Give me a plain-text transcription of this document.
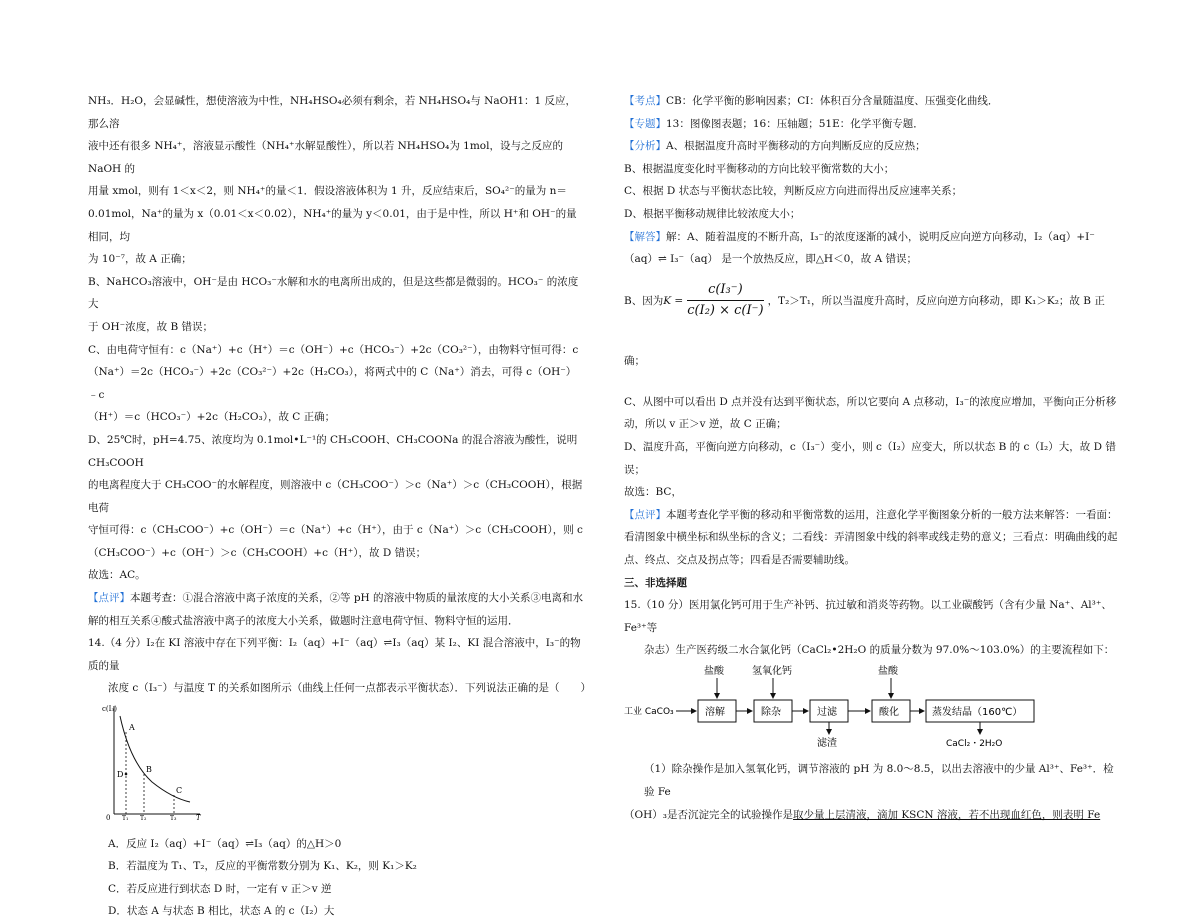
NH₃．H₂O，会显碱性，想使溶液为中性，NH₄HSO₄必须有剩余，若 NH₄HSO₄与 NaOH1：1 反应，那么溶

液中还有很多 NH₄⁺，溶液显示酸性（NH₄⁺水解显酸性），所以若 NH₄HSO₄为 1mol，设与之反应的 NaOH 的

用量 xmol，则有 1＜x＜2，则 NH₄⁺的量＜1．假设溶液体积为 1 升，反应结束后，SO₄²⁻的量为 n＝

0.01mol，Na⁺的量为 x（0.01＜x＜0.02），NH₄⁺的量为 y＜0.01，由于是中性，所以 H⁺和 OH⁻的量相同，均

为 10⁻⁷，故 A 正确；

B、NaHCO₃溶液中，OH⁻是由 HCO₃⁻水解和水的电离所出成的，但是这些都是微弱的。HCO₃⁻ 的浓度大

于 OH⁻浓度，故 B 错误；

C、由电荷守恒有：c（Na⁺）+c（H⁺）＝c（OH⁻）+c（HCO₃⁻）+2c（CO₃²⁻），由物料守恒可得：c

（Na⁺）＝2c（HCO₃⁻）+2c（CO₃²⁻）+2c（H₂CO₃），将两式中的 C（Na⁺）消去，可得 c（OH⁻）﹣c

（H⁺）＝c（HCO₃⁻）+2c（H₂CO₃），故 C 正确；

D、25℃时，pH=4.75、浓度均为 0.1mol•L⁻¹的 CH₃COOH、CH₃COONa 的混合溶液为酸性，说明 CH₃COOH

的电离程度大于 CH₃COO⁻的水解程度，则溶液中 c（CH₃COO⁻）＞c（Na⁺）＞c（CH₃COOH），根据电荷

守恒可得：c（CH₃COO⁻）+c（OH⁻）＝c（Na⁺）+c（H⁺），由于 c（Na⁺）＞c（CH₃COOH），则 c

（CH₃COO⁻）+c（OH⁻）＞c（CH₃COOH）+c（H⁺），故 D 错误；

故选：AC。

【点评】本题考查：①混合溶液中离子浓度的关系，②等 pH 的溶液中物质的量浓度的大小关系③电离和水

解的相互关系④酸式盐溶液中离子的浓度大小关系，做题时注意电荷守恒、物料守恒的运用．

14.（4 分）I₂在 KI 溶液中存在下列平衡：I₂（aq）+I⁻（aq）⇌I₃（aq）某 I₂、KI 混合溶液中，I₃⁻的物质的量

浓度 c（I₃⁻）与温度 T 的关系如图所示（曲线上任何一点都表示平衡状态）．下列说法正确的是（　　）

c(I₃)
T
0 T₁ T₂	T₃
A
B
C
D

A．反应 I₂（aq）+I⁻（aq）⇌I₃（aq）的△H＞0

B．若温度为 T₁、T₂，反应的平衡常数分别为 K₁、K₂，则 K₁＞K₂

C．若反应进行到状态 D 时，一定有 v 正＞v 逆

D．状态 A 与状态 B 相比，状态 A 的 c（I₂）大

【考点】CB：化学平衡的影响因素；CI：体积百分含量随温度、压强变化曲线．

【专题】13：图像图表题；16：压轴题；51E：化学平衡专题．

【分析】A、根据温度升高时平衡移动的方向判断反应的反应热；

B、根据温度变化时平衡移动的方向比较平衡常数的大小；

C、根据 D 状态与平衡状态比较，判断反应方向进而得出反应速率关系；

D、根据平衡移动规律比较浓度大小；

【解答】解：A、随着温度的不断升高，I₃⁻的浓度逐渐的减小，说明反应向逆方向移动，I₂（aq）+I⁻

（aq）⇌ I₃⁻（aq） 是一个放热反应，即△H＜0，故 A 错误；

B、因为$K = \frac{\text{c(I₃⁻)}}{\text{c(I₂) × c(I⁻)}}$ ，T₂＞T₁，所以当温度升高时，反应向逆方向移动，即 K₁＞K₂；故 B 正确；

C、从图中可以看出 D 点并没有达到平衡状态，所以它要向 A 点移动，I₃⁻的浓度应增加，平衡向正分析移

动，所以 v 正＞v 逆，故 C 正确；

D、温度升高，平衡向逆方向移动，c（I₃⁻）变小，则 c（I₂）应变大，所以状态 B 的 c（I₂）大，故 D 错

误；

故选：BC，

【点评】本题考查化学平衡的移动和平衡常数的运用，注意化学平衡图象分析的一般方法来解答：一看面：

看清图象中横坐标和纵坐标的含义；二看线：弄清图象中线的斜率或线走势的意义；三看点：明确曲线的起

点、终点、交点及拐点等；四看是否需要辅助线。

三、非选择题

15.（10 分）医用氯化钙可用于生产补钙、抗过敏和消炎等药物。以工业碳酸钙（含有少量 Na⁺、Al³⁺、Fe³⁺等

杂志）生产医药级二水合氯化钙（CaCl₂•2H₂O 的质量分数为 97.0%～103.0%）的主要流程如下：

工业 CaCO₃	溶解	除杂	过滤	酸化	蒸发结晶（160℃）
盐酸	氢氧化钙	盐酸
滤渣	CaCl₂・2H₂O

（1）除杂操作是加入氢氧化钙，调节溶液的 pH 为 8.0～8.5，以出去溶液中的少量 Al³⁺、Fe³⁺．检验 Fe

（OH）₃是否沉淀完全的试验操作是取少量上层清液，滴加 KSCN 溶液，若不出现血红色，则表明 Fe
